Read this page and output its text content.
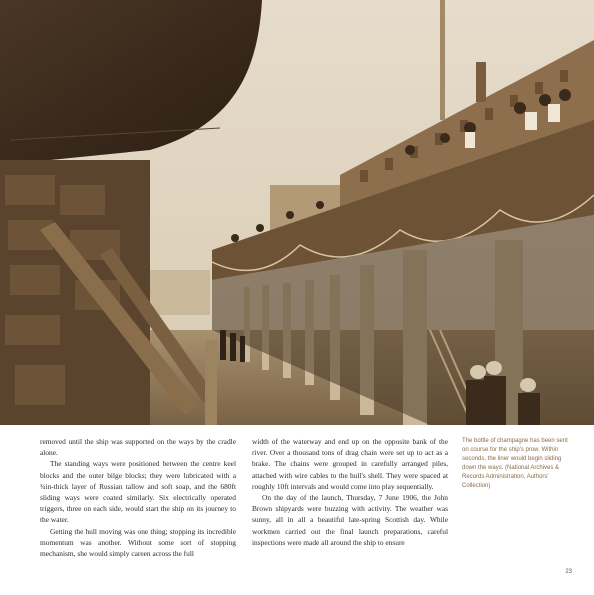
removed until the ship was supported on the ways by the cradle alone.

The standing ways were positioned between the centre keel blocks and the outer bilge blocks; they were lubricated with a ¾in-thick layer of Russian tallow and soft soap, and the 680ft sliding ways were coated similarly. Six electrically operated triggers, three on each side, would start the ship on its journey to the water.

Getting the hull moving was one thing; stopping its incredible momentum was another. Without some sort of stopping mechanism, she would simply careen across the full

width of the waterway and end up on the opposite bank of the river. Over a thousand tons of drag chain were set up to act as a brake. The chains were grouped in carefully arranged piles, attached with wire cables to the hull's shell. They were spaced at roughly 10ft intervals and would come into play sequentially.

On the day of the launch, Thursday, 7 June 1906, the John Brown shipyards were buzzing with activity. The weather was sunny, all in all a beautiful late-spring Scottish day. While workmen carried out the final launch preparations, careful inspections were made all around the ship to ensure

The bottle of champagne has been sent on course for the ship's prow. Within seconds, the liner would begin sliding down the ways. (National Archives & Records Administration, Authors' Collection)
23
